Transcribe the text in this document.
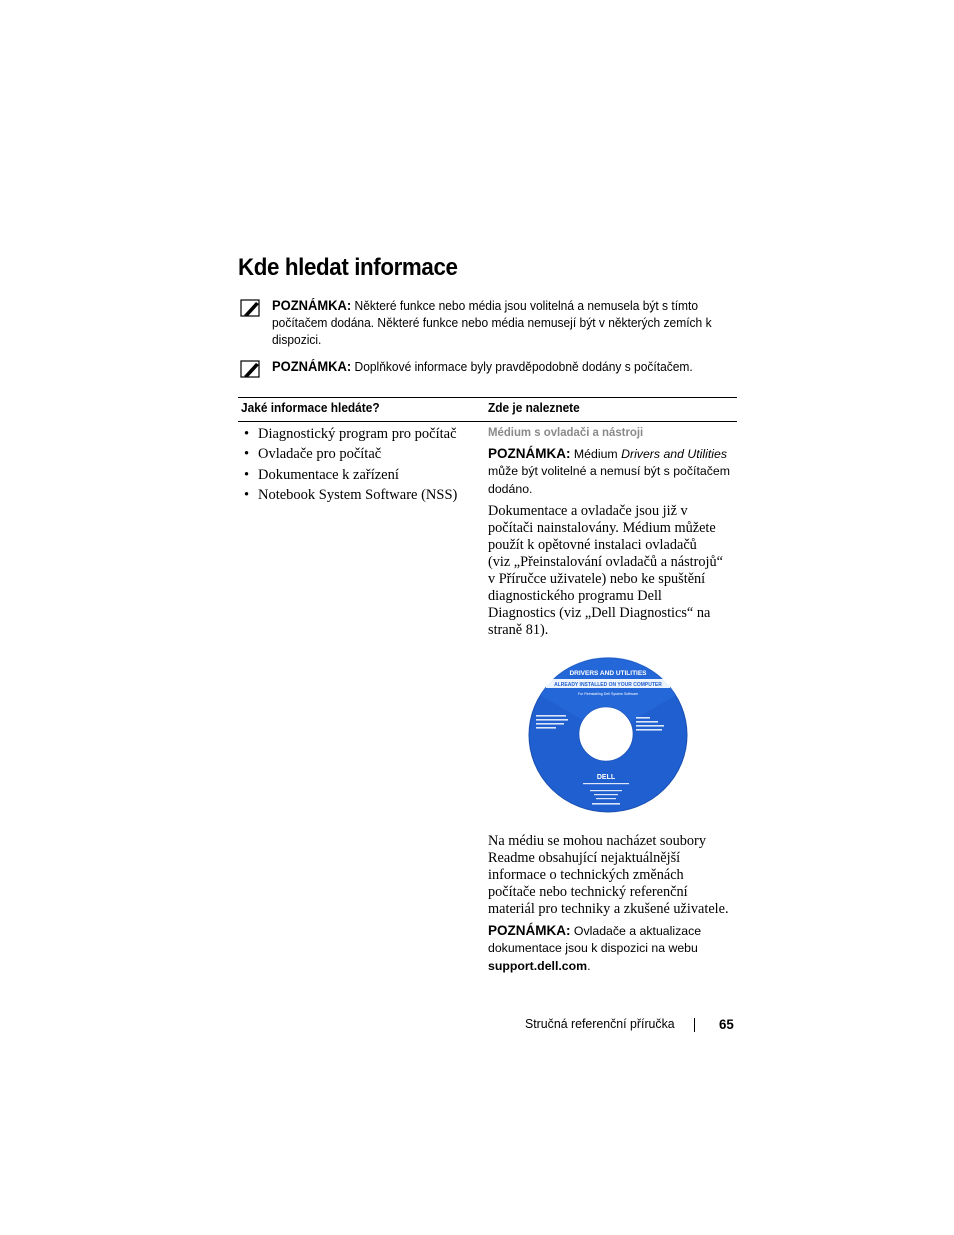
Kde hledat informace
POZNÁMKA: Některé funkce nebo média jsou volitelná a nemusela být s tímto počítačem dodána. Některé funkce nebo média nemusejí být v některých zemích k dispozici.
POZNÁMKA: Doplňkové informace byly pravděpodobně dodány s počítačem.
Jaké informace hledáte?	Zde je naleznete
• Diagnostický program pro počítač
• Ovladače pro počítač
• Dokumentace k zařízení
• Notebook System Software (NSS)
Médium s ovladači a nástroji
POZNÁMKA: Médium Drivers and Utilities může být volitelné a nemusí být s počítačem dodáno.

Dokumentace a ovladače jsou již v

počítači nainstalovány. Médium můžete

použít k opětovné instalaci ovladačů

(viz „Přeinstalování ovladačů a nástrojů“

v Příručce uživatele) nebo ke spuštění

diagnostického programu Dell

Diagnostics (viz „Dell Diagnostics“ na

straně 81).

DRIVERS AND UTILITIES
ALREADY INSTALLED ON YOUR COMPUTER
For Reinstalling Dell System Software
DELL

Na médiu se mohou nacházet soubory

Readme obsahující nejaktuálnější

informace o technických změnách

počítače nebo technický referenční

materiál pro techniky a zkušené uživatele.

POZNÁMKA: Ovladače a aktualizace dokumentace jsou k dispozici na webu support.dell.com.
Stručná referenční příručka	65
